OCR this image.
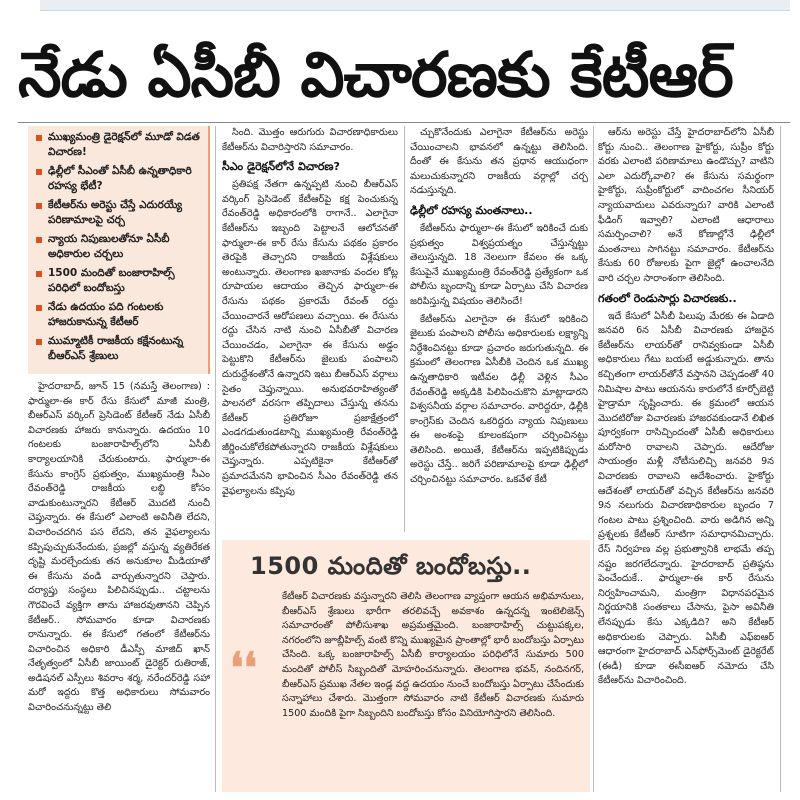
నేడు ఏసీబీ విచారణకు కేటీఆర్
ముఖ్యమంత్రి డైరెక్షన్‌లో మూడో విడత విచారణ!
ఢిల్లీలో సీఎంతో ఏసీబీ ఉన్నతాధికారి రహస్య భేటీ?
కేటీఆర్‌ను అరెస్టు చేస్తే ఎదురయ్యే పరిణామాలపై చర్చ
న్యాయ నిపుణులతోనూ ఏసీబీ అధికారుల చర్చలు
1500 మందితో బంజారాహిల్స్ పరిధిలో బందోబస్తు
నేడు ఉదయం పది గంటలకు హాజరుకానున్న కేటీఆర్
ముమ్మాటికీ రాజకీయ కక్షేనంటున్న బీఆర్ఎస్ శ్రేణులు

హైదరాబాద్, జూన్ 15 (నమస్తే తెలంగాణ) : ఫార్ములా-ఈ కార్ రేసు కేసులో మాజీ మంత్రి, బీఆర్ఎస్ వర్కింగ్ ప్రెసిడెంట్ కేటీఆర్ నేడు ఏసీబీ విచారణకు హాజరు కానున్నారు. ఉదయం 10 గంటలకు బంజారాహిల్స్‌లోని ఏసీబీ కార్యాలయానికి చేరుకుంటారు. ఫార్ములా-ఈ కేసును కాంగ్రెస్ ప్రభుత్వం, ముఖ్యమంత్రి సీఎం రేవంత్‌రెడ్డి రాజకీయ లబ్ధి కోసం వాడుకుంటున్నారని కేటీఆర్ మొదటి నుంచీ చెప్తున్నారు. ఈ కేసులో ఎలాంటి అవినీతి లేదని, విచారించదగిన పస లేదని, తన వైఫల్యాలను కప్పిపుచ్చుకునేందుకు, ప్రజల్లో వస్తున్న వ్యతిరేకత దృష్టి మరల్చేందుకు తన అనుకూల మీడియాతో ఈ కేసును వండి వార్చుతున్నారని చెప్తారు. దర్యాప్తు సంస్థలు పిలిచినప్పుడు.. చట్టాలను గౌరవించే వ్యక్తిగా తాను హాజరవుతానని చెప్పిన కేటీఆర్.. సోమవారం కూడా విచారణకు రానున్నారు. ఈ కేసులో గతంలో కేటీఆర్‌ను విచారించిన అధికారి డీఎస్పీ మాజిద్ ఖాన్ నేతృత్వంలో ఏసీబీ జాయింట్ డైరెక్టర్ రుతిరాజ్, అడిషనల్ ఎస్పీలు శివరాం శర్మ, నరేందర్‌రెడ్డి సహా మరో ఇద్దరు కొత్త అధికారులు సోమవారం విచారించనున్నట్టు తెలి

సింది. మొత్తం ఆరుగురు విచారణాధికారులు కేటీఆర్‌ను విచారిస్తారని సమాచారం.

సీఎం డైరెక్షన్‌లోనే విచారణ?

ప్రతిపక్ష నేతగా ఉన్నప్పటి నుంచి బీఆర్ఎస్ వర్కింగ్ ప్రెసిడెంట్ కేటీఆర్‌పై కక్ష పెంచుకున్న రేవంత్‌రెడ్డి అధికారంలోకి రాగానే.. ఎలాగైనా కేటీఆర్‌ను ఇబ్బంది పెట్టాలనే ఆలోచనతో ఫార్ములా-ఈ కార్ రేసు కేసును పథకం ప్రకారం తెరపైకి తెచ్చారని రాజకీయ విశ్లేషకులు అంటున్నారు. తెలంగాణ ఖజానాకు వందల కోట్ల రూపాయల ఆదాయం తెచ్చిన ఫార్ములా-ఈ రేసును పథకం ప్రకారమే రేవంత్ రద్దు చేయించారనే ఆరోపణలు వచ్చాయి. ఈ రేసును రద్దు చేసిన నాటి నుంచి ఏసీబీతో విచారణ చేయించడం, ఎలాగైనా ఈ కేసును అడ్డం పెట్టుకొని కేటీఆర్‌ను జైలుకు పంపాలని దురుద్దేశంతోనే ఉన్నారని ఇటు బీఆర్ఎస్ వర్గాలు సైతం చెప్తున్నాయి. అనుభవరాహిత్యంతో పాలనలో వరసగా తప్పిదాలు చేస్తున్న తనను కేటీఆర్ ప్రతిరోజూ ప్రజాక్షేత్రంలో ఎండగడుతుండటాన్ని ముఖ్యమంత్రి రేవంత్‌రెడ్డి జీర్ణించుకోలేకపోతున్నారని రాజకీయ విశ్లేషకులు చెప్తున్నారు. ఎప్పటికైనా కేటీఆర్‌తో ప్రమాదమేనని భావించిన సీఎం రేవంత్‌రెడ్డి తన వైఫల్యాలను కప్పిపు

చ్చుకొనేందుకు ఎలాగైనా కేటీఆర్‌ను అరెస్టు చేయించాలని భావనలో ఉన్నట్టు తెలిసింది. దీంతో ఈ కేసును తన ప్రధాన ఆయుధంగా మలుచుకున్నారని రాజకీయ వర్గాల్లో చర్చ నడుస్తున్నది.

ఢిల్లీలో రహస్య మంతనాలు..

కేటీఆర్‌ను ఫార్ములా-ఈ కేసులో ఇరికించే దుకు ప్రభుత్వం విశ్వప్రయత్నం చేస్తున్నట్టు తెలుస్తున్నది. 18 నెలలుగా కేవలం ఈ ఒక్క కేసుపైనే ముఖ్యమంత్రి రేవంత్‌రెడ్డి ప్రత్యేకంగా ఒక పోలీసు బృందాన్ని కూడా ఏర్పాటు చేసి విచారణ జరిపిస్తున్న విషయం తెలిసిందే!

కేటీఆర్‌ను ఎలాగైనా ఈ కేసులో ఇరికించి జైలుకు పంపాలని పోలీసు అధికారులకు లక్ష్యాన్ని నిర్దేశించినట్టు కూడా ప్రచారం జరుగుతున్నది. ఈ క్రమంలో తెలంగాణ ఏసీబీకి చెందిన ఒక ముఖ్య ఉన్నతాధికారి ఇటీవల ఢిల్లీ వెళ్లిన సీఎం రేవంత్‌రెడ్డి అక్కడికి పిలిపించుకొని మాట్లాడారని విశ్వసనీయ వర్గాల సమాచారం. వారిద్దరూ, ఢిల్లీకి కాంగ్రెస్‌కు చెందిన ఒకరిద్దరు న్యాయ నిపుణులు ఈ అంశంపై కూలంకషంగా చర్చించినట్టు తెలిసింది. అయితే, కేటీఆర్‌ను ఇప్పటికిప్పుడు అరెస్టు చేస్తే.. జరిగే పరిణామాలపై కూడా ఢిల్లీలో చర్చించినట్టు సమాచారం. ఒకవేళ కేటీ

ఆర్‌ను అరెస్టు చేస్తే హైదరాబాద్‌లోని ఏసీబీ కోర్టు నుంచి.. తెలంగాణ హైకోర్టు, సుప్రీం కోర్టు వరకు ఎలాంటి పరిణామాలు ఉండొచ్చు? వాటిని ఎలా ఎదుర్కోవాలి? ఈ కేసును సమర్థంగా హైకోర్టు, సుప్రీంకోర్టులో వాదించగల సీనియర్ న్యాయవాదులు ఎవరున్నారు? వారికి ఎలాంటి ఫీడింగ్ ఇవ్వాలి? ఎలాంటి ఆధారాలు సమర్పించాలి? అనే కోణాల్లోనే ఢిల్లీలో మంతనాలు సాగినట్టు సమాచారం. కేటీఆర్‌ను కేసుకు 60 రోజులకు పైగా జైల్లో ఉంచాలనేది వారి చర్చల సారాంశంగా తెలిసింది.

గతంలో రెండుసార్లు విచారణకు..

ఇదే కేసులో ఏసీబీ పిలుపు మేరకు ఈ ఏడాది జనవరి 6న ఏసీబీ విచారణకు హాజరైన కేటీఆర్‌ను లాయర్‌తో రానివ్వకుండా ఏసీబీ అధికారులు గేటు బయటే అడ్డుకున్నారు. తాను కచ్చితంగా లాయర్‌తోనే వస్తానని చెప్పడంతో 40 నిమిషాల పాటు ఆయనను కారులోనే కూర్చోబెట్టి హైడ్రామా సృష్టించారు. ఈ క్రమంలో ఆయన మొదటిరోజు విచారణకు హాజరవకుండానే లిఖిత పూర్వకంగా రాసిచ్చిందంతో ఏసీబీ అధికారులు మరోసారి రావాలని చెప్పారు. ఆదేరోజు సాయంత్రం మళ్లీ నోటీసులిచ్చి జనవరి 9న విచారణకు రావాలని ఆదేశించారు. హైకోర్టు ఆదేశంతో లాయర్‌తో వచ్చిన కేటీఆర్‌ను జనవరి 9న నలుగురు విచారణాధికారుల బృందం 7 గంటల పాటు ప్రశ్నించింది. వారు అడిగిన అన్ని ప్రశ్నలకు కేటీఆర్ సూటిగా సమాధానమిచ్చారు. రేస్ నిర్వహణ వల్ల ప్రభుత్వానికి లాభమే తప్ప నష్టం జరగలేదన్నారు. హైదరాబాద్ ప్రతిష్ఠను పెంచేందుకే.. ఫార్ములా-ఈ కార్ రేసును నిర్వహించామని, మంత్రిగా విధానపరమైన నిర్ణయానికి సంతకాలు చేసాను, పైసా అవినీతి లేనప్పుడు కేసు ఎక్కడిది? అని కేటీఆర్ అధికారులకు చెప్పారు. ఏసీబీ ఎఫ్‌ఐఆర్ ఆధారంగా హైదరాబాద్ ఎన్‌ఫోర్స్‌మెంట్ డైరెక్టరేట్ (ఈడీ) కూడా ఈసీఐఆర్ నమోదు చేసి కేటీఆర్‌ను విచారించింది.

1500 మందితో బందోబస్తు..
❛❛
కేటీఆర్ విచారణకు వస్తున్నారని తెలిసి తెలంగాణ వ్యాప్తంగా ఆయన అభిమానులు, బీఆర్ఎస్ శ్రేణులు భారీగా తరలివచ్చే అవకాశం ఉన్నదన్న ఇంటెలిజెన్స్ సమాచారంతో పోలీసుశాఖ అప్రమత్తమైంది. బంజారాహిల్స్ చుట్టుపక్కల, నగరంలోని జూబ్లీహిల్స్ వంటి కొన్ని ముఖ్యమైన ప్రాంతాల్లో భారీ బందోబస్తు ఏర్పాటు చేసింది. ఒక్క బంజారాహిల్స్ ఏసీబీ కార్యాలయం పరిధిలోనే సుమారు 500 మందితో పోలీస్ సిబ్బందితో మోహరించనున్నారు. తెలంగాణ భవన్, నందినగర్, బీఆర్ఎస్ ప్రముఖ నేతల ఇండ్ల వద్ద ఉదయం నుంచే బందోబస్తు ఏర్పాటు చేసేందుకు సన్నాహాలు చేశారు. మొత్తంగా సోమవారం నాటి కేటీఆర్ విచారణకు సుమారు 1500 మందికి పైగా సిబ్బందిని బందోబస్తు కోసం వినియోగిస్తారని తెలిసింది.
